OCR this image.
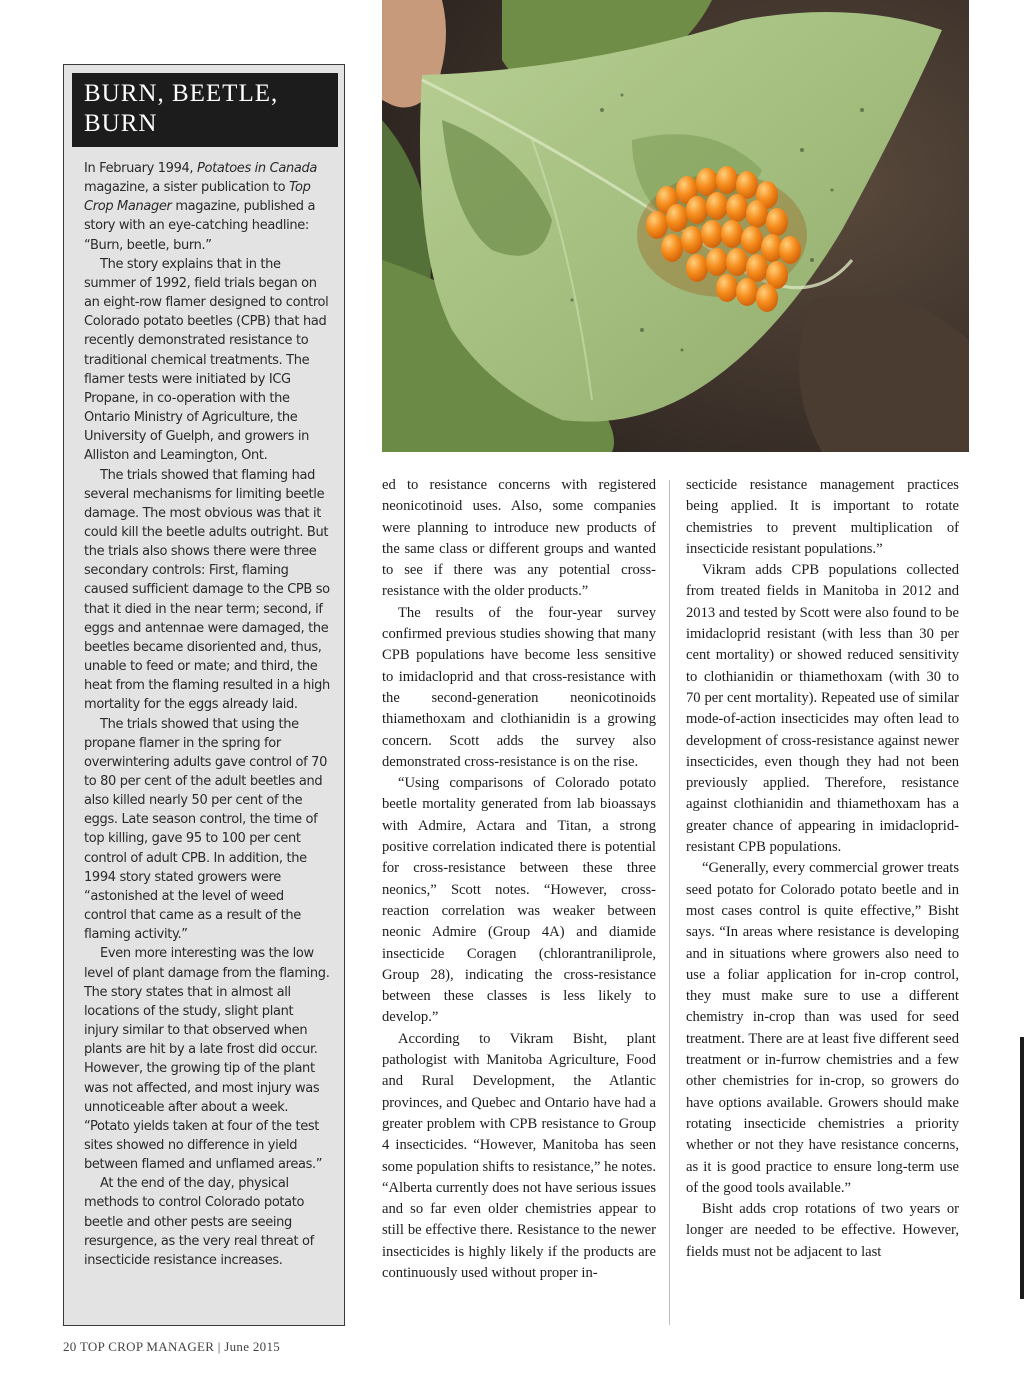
BURN, BEETLE, BURN

In February 1994, Potatoes in Canada magazine, a sister publication to Top Crop Manager magazine, published a story with an eye-catching headline: “Burn, beetle, burn.”

The story explains that in the summer of 1992, field trials began on an eight-row flamer designed to control Colorado potato beetles (CPB) that had recently demonstrated resistance to traditional chemical treatments. The flamer tests were initiated by ICG Propane, in co-operation with the Ontario Ministry of Agriculture, the University of Guelph, and growers in Alliston and Leamington, Ont.

The trials showed that flaming had several mechanisms for limiting beetle damage. The most obvious was that it could kill the beetle adults outright. But the trials also shows there were three secondary controls: First, flaming caused sufficient damage to the CPB so that it died in the near term; second, if eggs and antennae were damaged, the beetles became disoriented and, thus, unable to feed or mate; and third, the heat from the flaming resulted in a high mortality for the eggs already laid.

The trials showed that using the propane flamer in the spring for overwintering adults gave control of 70 to 80 per cent of the adult beetles and also killed nearly 50 per cent of the eggs. Late season control, the time of top killing, gave 95 to 100 per cent control of adult CPB. In addition, the 1994 story stated growers were “astonished at the level of weed control that came as a result of the flaming activity.”

Even more interesting was the low level of plant damage from the flaming. The story states that in almost all locations of the study, slight plant injury similar to that observed when plants are hit by a late frost did occur. However, the growing tip of the plant was not affected, and most injury was unnoticeable after about a week. “Potato yields taken at four of the test sites showed no difference in yield between flamed and unflamed areas.”

At the end of the day, physical methods to control Colorado potato beetle and other pests are seeing resurgence, as the very real threat of insecticide resistance increases.

ed to resistance concerns with registered neonicotinoid uses. Also, some companies were planning to introduce new products of the same class or different groups and wanted to see if there was any potential cross-resistance with the older products.”

The results of the four-year survey confirmed previous studies showing that many CPB populations have become less sensitive to imidacloprid and that cross-resistance with the second-generation neonicotinoids thiamethoxam and clothianidin is a growing concern. Scott adds the survey also demonstrated cross-resistance is on the rise.

“Using comparisons of Colorado potato beetle mortality generated from lab bioassays with Admire, Actara and Titan, a strong positive correlation indicated there is potential for cross-resistance between these three neonics,” Scott notes. “However, cross-reaction correlation was weaker between neonic Admire (Group 4A) and diamide insecticide Coragen (chlorantraniliprole, Group 28), indicating the cross-resistance between these classes is less likely to develop.”

According to Vikram Bisht, plant pathologist with Manitoba Agriculture, Food and Rural Development, the Atlantic provinces, and Quebec and Ontario have had a greater problem with CPB resistance to Group 4 insecticides. “However, Manitoba has seen some population shifts to resistance,” he notes. “Alberta currently does not have serious issues and so far even older chemistries appear to still be effective there. Resistance to the newer insecticides is highly likely if the products are continuously used without proper in-

secticide resistance management practices being applied. It is important to rotate chemistries to prevent multiplication of insecticide resistant populations.”

Vikram adds CPB populations collected from treated fields in Manitoba in 2012 and 2013 and tested by Scott were also found to be imidacloprid resistant (with less than 30 per cent mortality) or showed reduced sensitivity to clothianidin or thiamethoxam (with 30 to 70 per cent mortality). Repeated use of similar mode-of-action insecticides may often lead to development of cross-resistance against newer insecticides, even though they had not been previously applied. Therefore, resistance against clothianidin and thiamethoxam has a greater chance of appearing in imidacloprid-resistant CPB populations.

“Generally, every commercial grower treats seed potato for Colorado potato beetle and in most cases control is quite effective,” Bisht says. “In areas where resistance is developing and in situations where growers also need to use a foliar application for in-crop control, they must make sure to use a different chemistry in-crop than was used for seed treatment. There are at least five different seed treatment or in-furrow chemistries and a few other chemistries for in-crop, so growers do have options available. Growers should make rotating insecticide chemistries a priority whether or not they have resistance concerns, as it is good practice to ensure long-term use of the good tools available.”

Bisht adds crop rotations of two years or longer are needed to be effective. However, fields must not be adjacent to last

20 TOP CROP MANAGER | June 2015
